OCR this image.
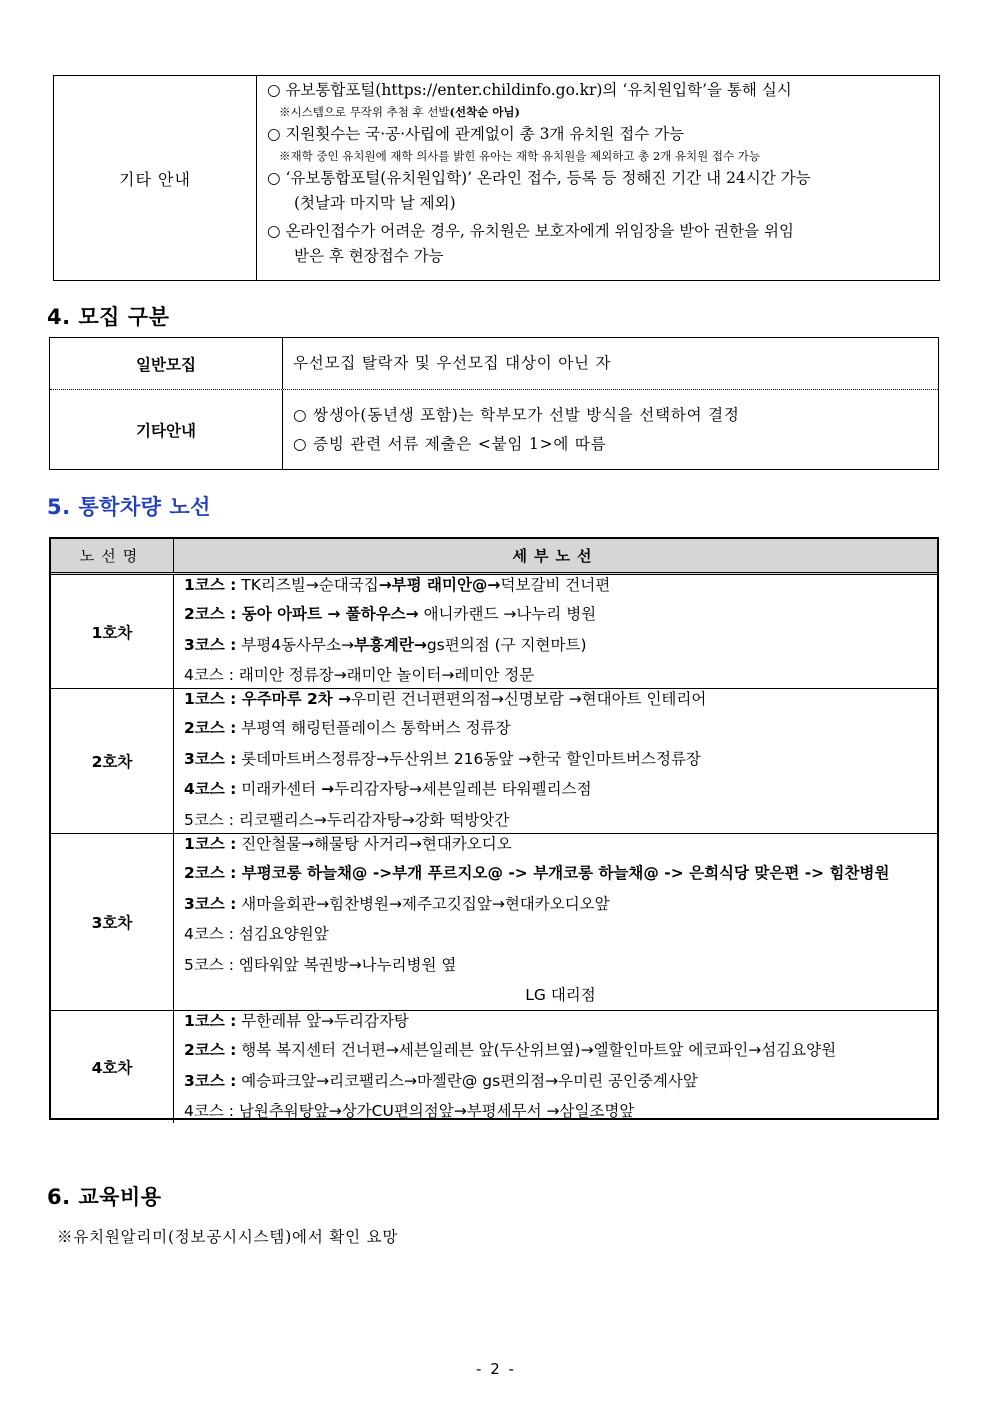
기타 안내
○ 유보통합포털(https://enter.childinfo.go.kr)의 ‘유치원입학’을 통해 실시
※시스템으로 무작위 추첨 후 선발(선착순 아님)
○ 지원횟수는 국·공·사립에 관계없이 총 3개 유치원 접수 가능
※재학 중인 유치원에 재학 의사를 밝힌 유아는 재학 유치원을 제외하고 총 2개 유치원 접수 가능
○ ‘유보통합포털(유치원입학)’ 온라인 접수, 등록 등 정해진 기간 내 24시간 가능
(첫날과 마지막 날 제외)
○ 온라인접수가 어려운 경우, 유치원은 보호자에게 위임장을 받아 권한을 위임
받은 후 현장접수 가능
4. 모집 구분
일반모집	우선모집 탈락자 및 우선모집 대상이 아닌 자
기타안내
○ 쌍생아(동년생 포함)는 학부모가 선발 방식을 선택하여 결정
○ 증빙 관련 서류 제출은 <붙임 1>에 따름
5. 통학차량 노선
노선명	세부노선
1호차
1코스 : TK리즈빌→순대국집→부평 래미안@→덕보갈비 건너편
2코스 : 동아 아파트 → 풀하우스→ 애니카랜드 →나누리 병원
3코스 : 부평4동사무소→부흥계란→gs편의점 (구 지현마트)
4코스 : 래미안 정류장→래미안 놀이터→레미안 정문
2호차
1코스 : 우주마루 2차 →우미린 건너편편의점→신명보람 →현대아트 인테리어
2코스 : 부평역 해링턴플레이스 통학버스 정류장
3코스 : 롯데마트버스정류장→두산위브 216동앞 →한국 할인마트버스정류장
4코스 : 미래카센터 →두리감자탕→세븐일레븐 타워펠리스점
5코스 : 리코팰리스→두리감자탕→강화 떡방앗간
3호차
1코스 : 진안철물→해물탕 사거리→현대카오디오
2코스 : 부평코롱 하늘채@ ->부개 푸르지오@ -> 부개코롱 하늘채@ -> 은희식당 맞은편 -> 힘찬병원
3코스 : 새마을회관→힘찬병원→제주고깃집앞→현대카오디오앞
4코스 : 섬김요양원앞
5코스 : 엠타워앞 복권방→나누리병원 옆
LG 대리점
4호차
1코스 : 무한레뷰 앞→두리감자탕
2코스 : 행복 복지센터 건너편→세븐일레븐 앞(두산위브옆)→엘할인마트앞 에코파인→섬김요양원
3코스 : 예승파크앞→리코팰리스→마젤란@ gs편의점→우미린 공인중계사앞
4코스 : 남원추워탕앞→상가CU편의점앞→부평세무서 →삼일조명앞
6. 교육비용
※유치원알리미(정보공시시스템)에서 확인 요망
- 2 -
